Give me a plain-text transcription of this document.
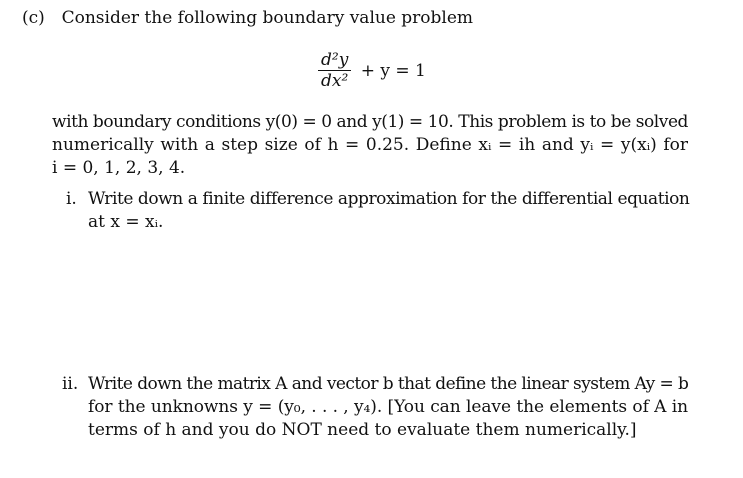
(c) Consider the following boundary value problem
$\frac{\text{d²y}}{\text{dx²}} + y = 1$
with boundary conditions y(0) = 0 and y(1) = 10. This problem is to be solved
numerically with a step size of h = 0.25. Define xᵢ = ih and yᵢ = y(xᵢ) for
i = 0, 1, 2, 3, 4.
i. Write down a finite difference approximation for the differential equation
at x = xᵢ.
ii. Write down the matrix A and vector b that define the linear system Ay = b
for the unknowns y = (y₀, . . . , y₄). [You can leave the elements of A in
terms of h and you do NOT need to evaluate them numerically.]
